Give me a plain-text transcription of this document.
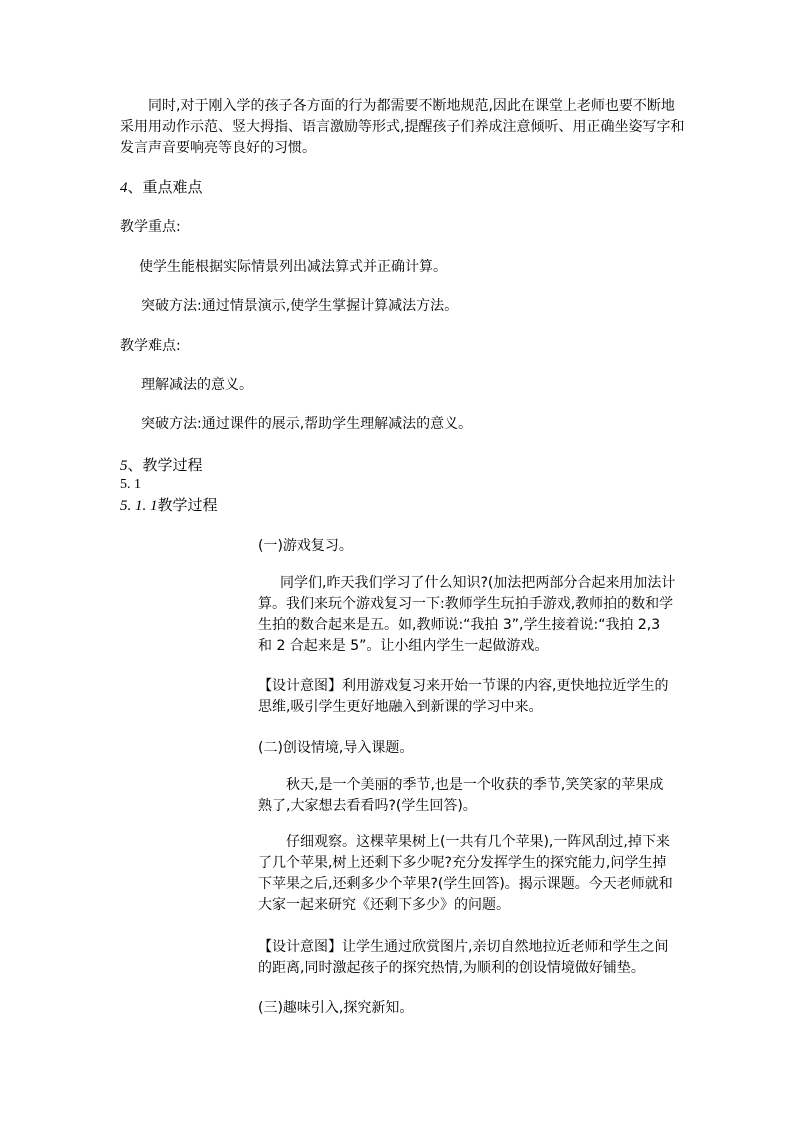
同时,对于刚入学的孩子各方面的行为都需要不断地规范,因此在课堂上老师也要不断地采用用动作示范、竖大拇指、语言激励等形式,提醒孩子们养成注意倾听、用正确坐姿写字和发言声音要响亮等良好的习惯。

4、重点难点
教学重点:
使学生能根据实际情景列出减法算式并正确计算。
突破方法:通过情景演示,使学生掌握计算减法方法。
教学难点:
理解减法的意义。
突破方法:通过课件的展示,帮助学生理解减法的意义。
5、教学过程
5. 1
5. 1. 1教学过程

(一)游戏复习。

同学们,昨天我们学习了什么知识?(加法把两部分合起来用加法计算。我们来玩个游戏复习一下:教师学生玩拍手游戏,教师拍的数和学生拍的数合起来是五。如,教师说:“我拍 3”,学生接着说:“我拍 2,3 和 2 合起来是 5”。让小组内学生一起做游戏。

【设计意图】利用游戏复习来开始一节课的内容,更快地拉近学生的思维,吸引学生更好地融入到新课的学习中来。

(二)创设情境,导入课题。

秋天,是一个美丽的季节,也是一个收获的季节,笑笑家的苹果成熟了,大家想去看看吗?(学生回答)。

仔细观察。这棵苹果树上(一共有几个苹果),一阵风刮过,掉下来了几个苹果,树上还剩下多少呢?充分发挥学生的探究能力,问学生掉下苹果之后,还剩多少个苹果?(学生回答)。揭示课题。今天老师就和大家一起来研究《还剩下多少》的问题。

【设计意图】让学生通过欣赏图片,亲切自然地拉近老师和学生之间的距离,同时激起孩子的探究热情,为顺利的创设情境做好铺垫。

(三)趣味引入,探究新知。
